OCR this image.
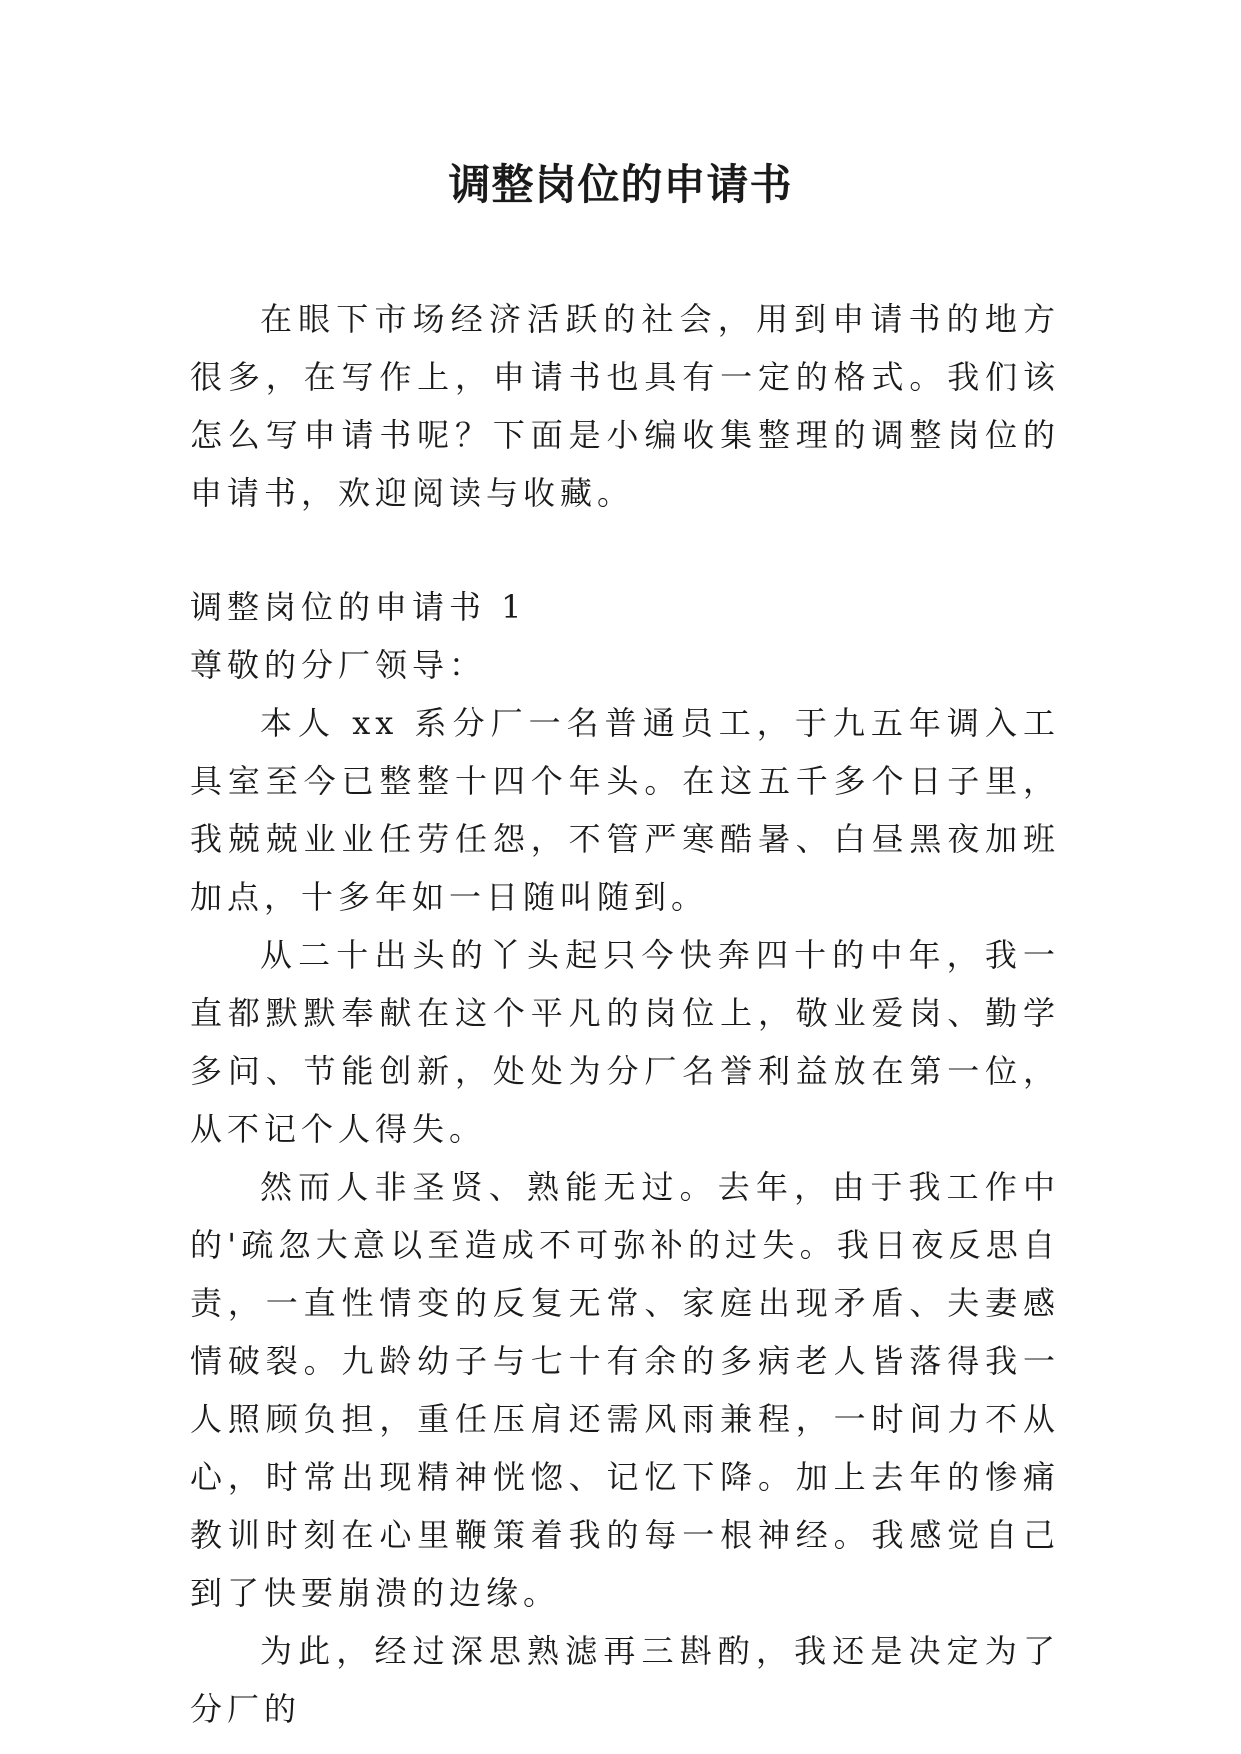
调整岗位的申请书

在眼下市场经济活跃的社会，用到申请书的地方很多，在写作上，申请书也具有一定的格式。我们该怎么写申请书呢？下面是小编收集整理的调整岗位的申请书，欢迎阅读与收藏。

调整岗位的申请书 1

尊敬的分厂领导：

本人 xx 系分厂一名普通员工，于九五年调入工具室至今已整整十四个年头。在这五千多个日子里，我兢兢业业任劳任怨，不管严寒酷暑、白昼黑夜加班加点，十多年如一日随叫随到。

从二十出头的丫头起只今快奔四十的中年，我一直都默默奉献在这个平凡的岗位上，敬业爱岗、勤学多问、节能创新，处处为分厂名誉利益放在第一位，从不记个人得失。

然而人非圣贤、熟能无过。去年，由于我工作中的'疏忽大意以至造成不可弥补的过失。我日夜反思自责，一直性情变的反复无常、家庭出现矛盾、夫妻感情破裂。九龄幼子与七十有余的多病老人皆落得我一人照顾负担，重任压肩还需风雨兼程，一时间力不从心，时常出现精神恍惚、记忆下降。加上去年的惨痛教训时刻在心里鞭策着我的每一根神经。我感觉自己到了快要崩溃的边缘。

为此，经过深思熟滤再三斟酌，我还是决定为了分厂的
